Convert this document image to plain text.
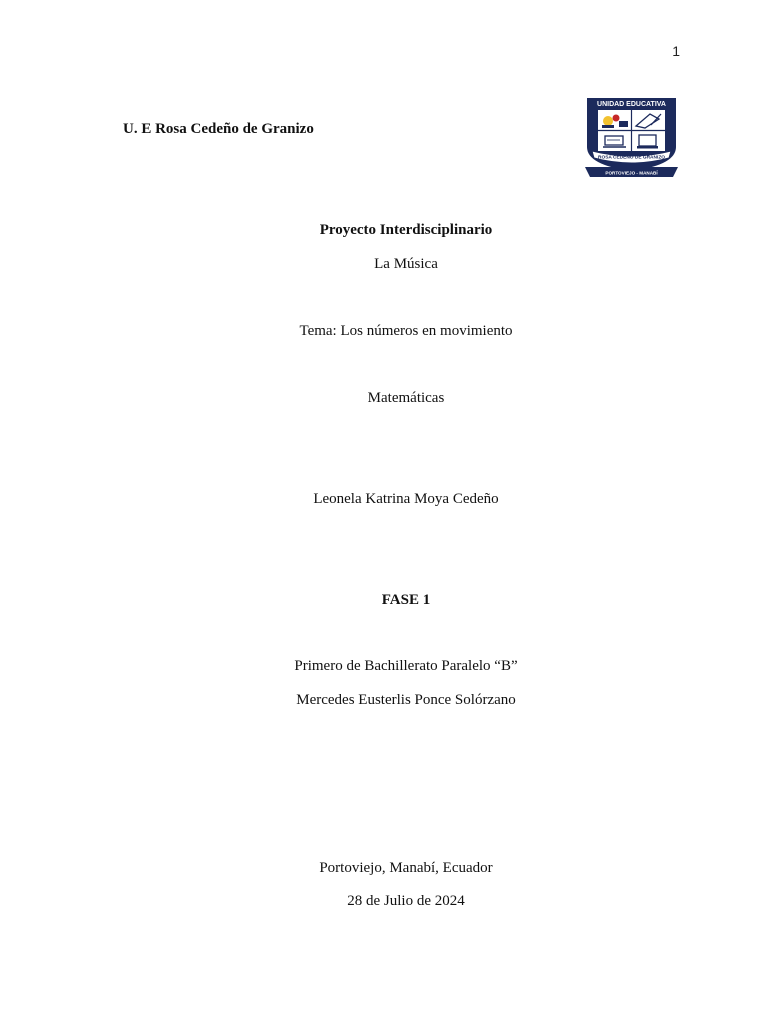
1
U. E Rosa Cedeño de Granizo
UNIDAD EDUCATIVA
ROSA CEDEÑO DE GRANIZO
PORTOVIEJO - MANABÍ
Proyecto Interdisciplinario
La Música
Tema: Los números en movimiento
Matemáticas
Leonela Katrina Moya Cedeño
FASE 1
Primero de Bachillerato Paralelo “B”
Mercedes Eusterlis Ponce Solórzano
Portoviejo, Manabí, Ecuador
28 de Julio de 2024
